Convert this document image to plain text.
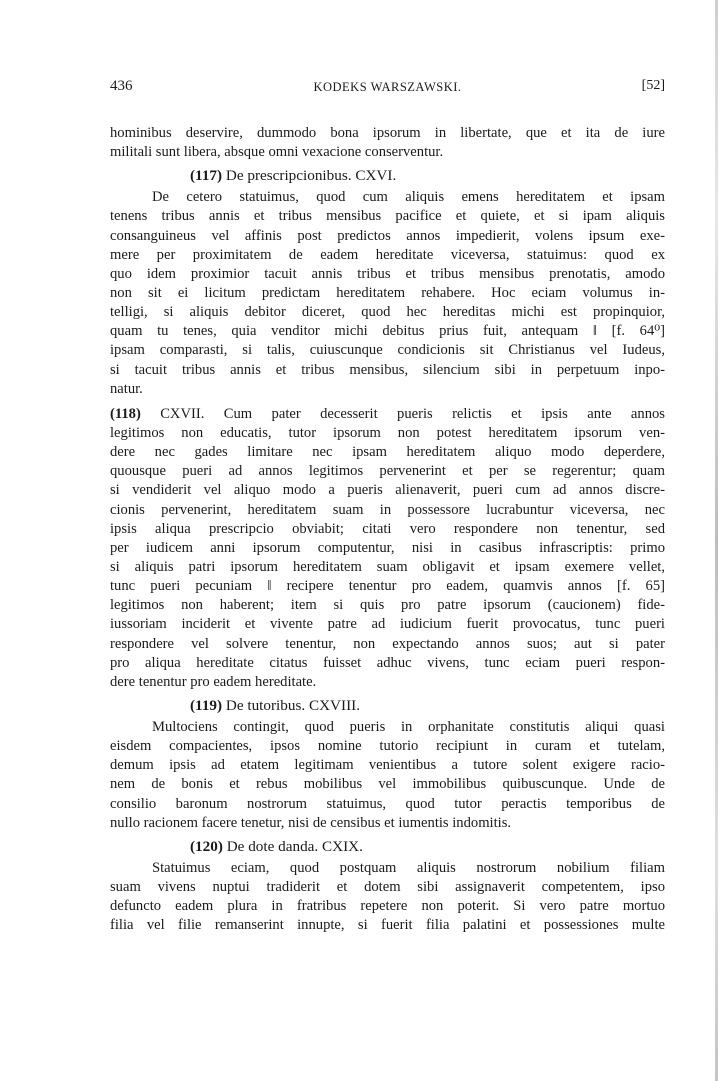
436	KODEKS WARSZAWSKI.	[52]
hominibus deservire, dummodo bona ipsorum in libertate, que et ita de iure
militali sunt libera, absque omni vexacione conserventur.
(117) De prescripcionibus. CXVI.
De cetero statuimus, quod cum aliquis emens hereditatem et ipsam
tenens tribus annis et tribus mensibus pacifice et quiete, et si ipam aliquis
consanguineus vel affinis post predictos annos impedierit, volens ipsum exe-
mere per proximitatem de eadem hereditate viceversa, statuimus: quod ex
quo idem proximior tacuit annis tribus et tribus mensibus prenotatis, amodo
non sit ei licitum predictam hereditatem rehabere. Hoc eciam volumus in-
telligi, si aliquis debitor diceret, quod hec hereditas michi est propinquior,
quam tu tenes, quia venditor michi debitus prius fuit, antequam ‖ [f. 64⁰]
ipsam comparasti, si talis, cuiuscunque condicionis sit Christianus vel Iudeus,
si tacuit tribus annis et tribus mensibus, silencium sibi in perpetuum inpo-
natur.
(118) CXVII. Cum pater decesserit pueris relictis et ipsis ante annos
legitimos non educatis, tutor ipsorum non potest hereditatem ipsorum ven-
dere nec gades limitare nec ipsam hereditatem aliquo modo deperdere,
quousque pueri ad annos legitimos pervenerint et per se regerentur; quam
si vendiderit vel aliquo modo a pueris alienaverit, pueri cum ad annos discre-
cionis pervenerint, hereditatem suam in possessore lucrabuntur viceversa, nec
ipsis aliqua prescripcio obviabit; citati vero respondere non tenentur, sed
per iudicem anni ipsorum computentur, nisi in casibus infrascriptis: primo
si aliquis patri ipsorum hereditatem suam obligavit et ipsam exemere vellet,
tunc pueri pecuniam ‖ recipere tenentur pro eadem, quamvis annos [f. 65]
legitimos non haberent; item si quis pro patre ipsorum (caucionem) fide-
iussoriam inciderit et vivente patre ad iudicium fuerit provocatus, tunc pueri
respondere vel solvere tenentur, non expectando annos suos; aut si pater
pro aliqua hereditate citatus fuisset adhuc vivens, tunc eciam pueri respon-
dere tenentur pro eadem hereditate.
(119) De tutoribus. CXVIII.
Multociens contingit, quod pueris in orphanitate constitutis aliqui quasi
eisdem compacientes, ipsos nomine tutorio recipiunt in curam et tutelam,
demum ipsis ad etatem legitimam venientibus a tutore solent exigere racio-
nem de bonis et rebus mobilibus vel immobilibus quibuscunque. Unde de
consilio baronum nostrorum statuimus, quod tutor peractis temporibus de
nullo racionem facere tenetur, nisi de censibus et iumentis indomitis.
(120) De dote danda. CXIX.
Statuimus eciam, quod postquam aliquis nostrorum nobilium filiam
suam vivens nuptui tradiderit et dotem sibi assignaverit competentem, ipso
defuncto eadem plura in fratribus repetere non poterit. Si vero patre mortuo
filia vel filie remanserint innupte, si fuerit filia palatini et possessiones multe
